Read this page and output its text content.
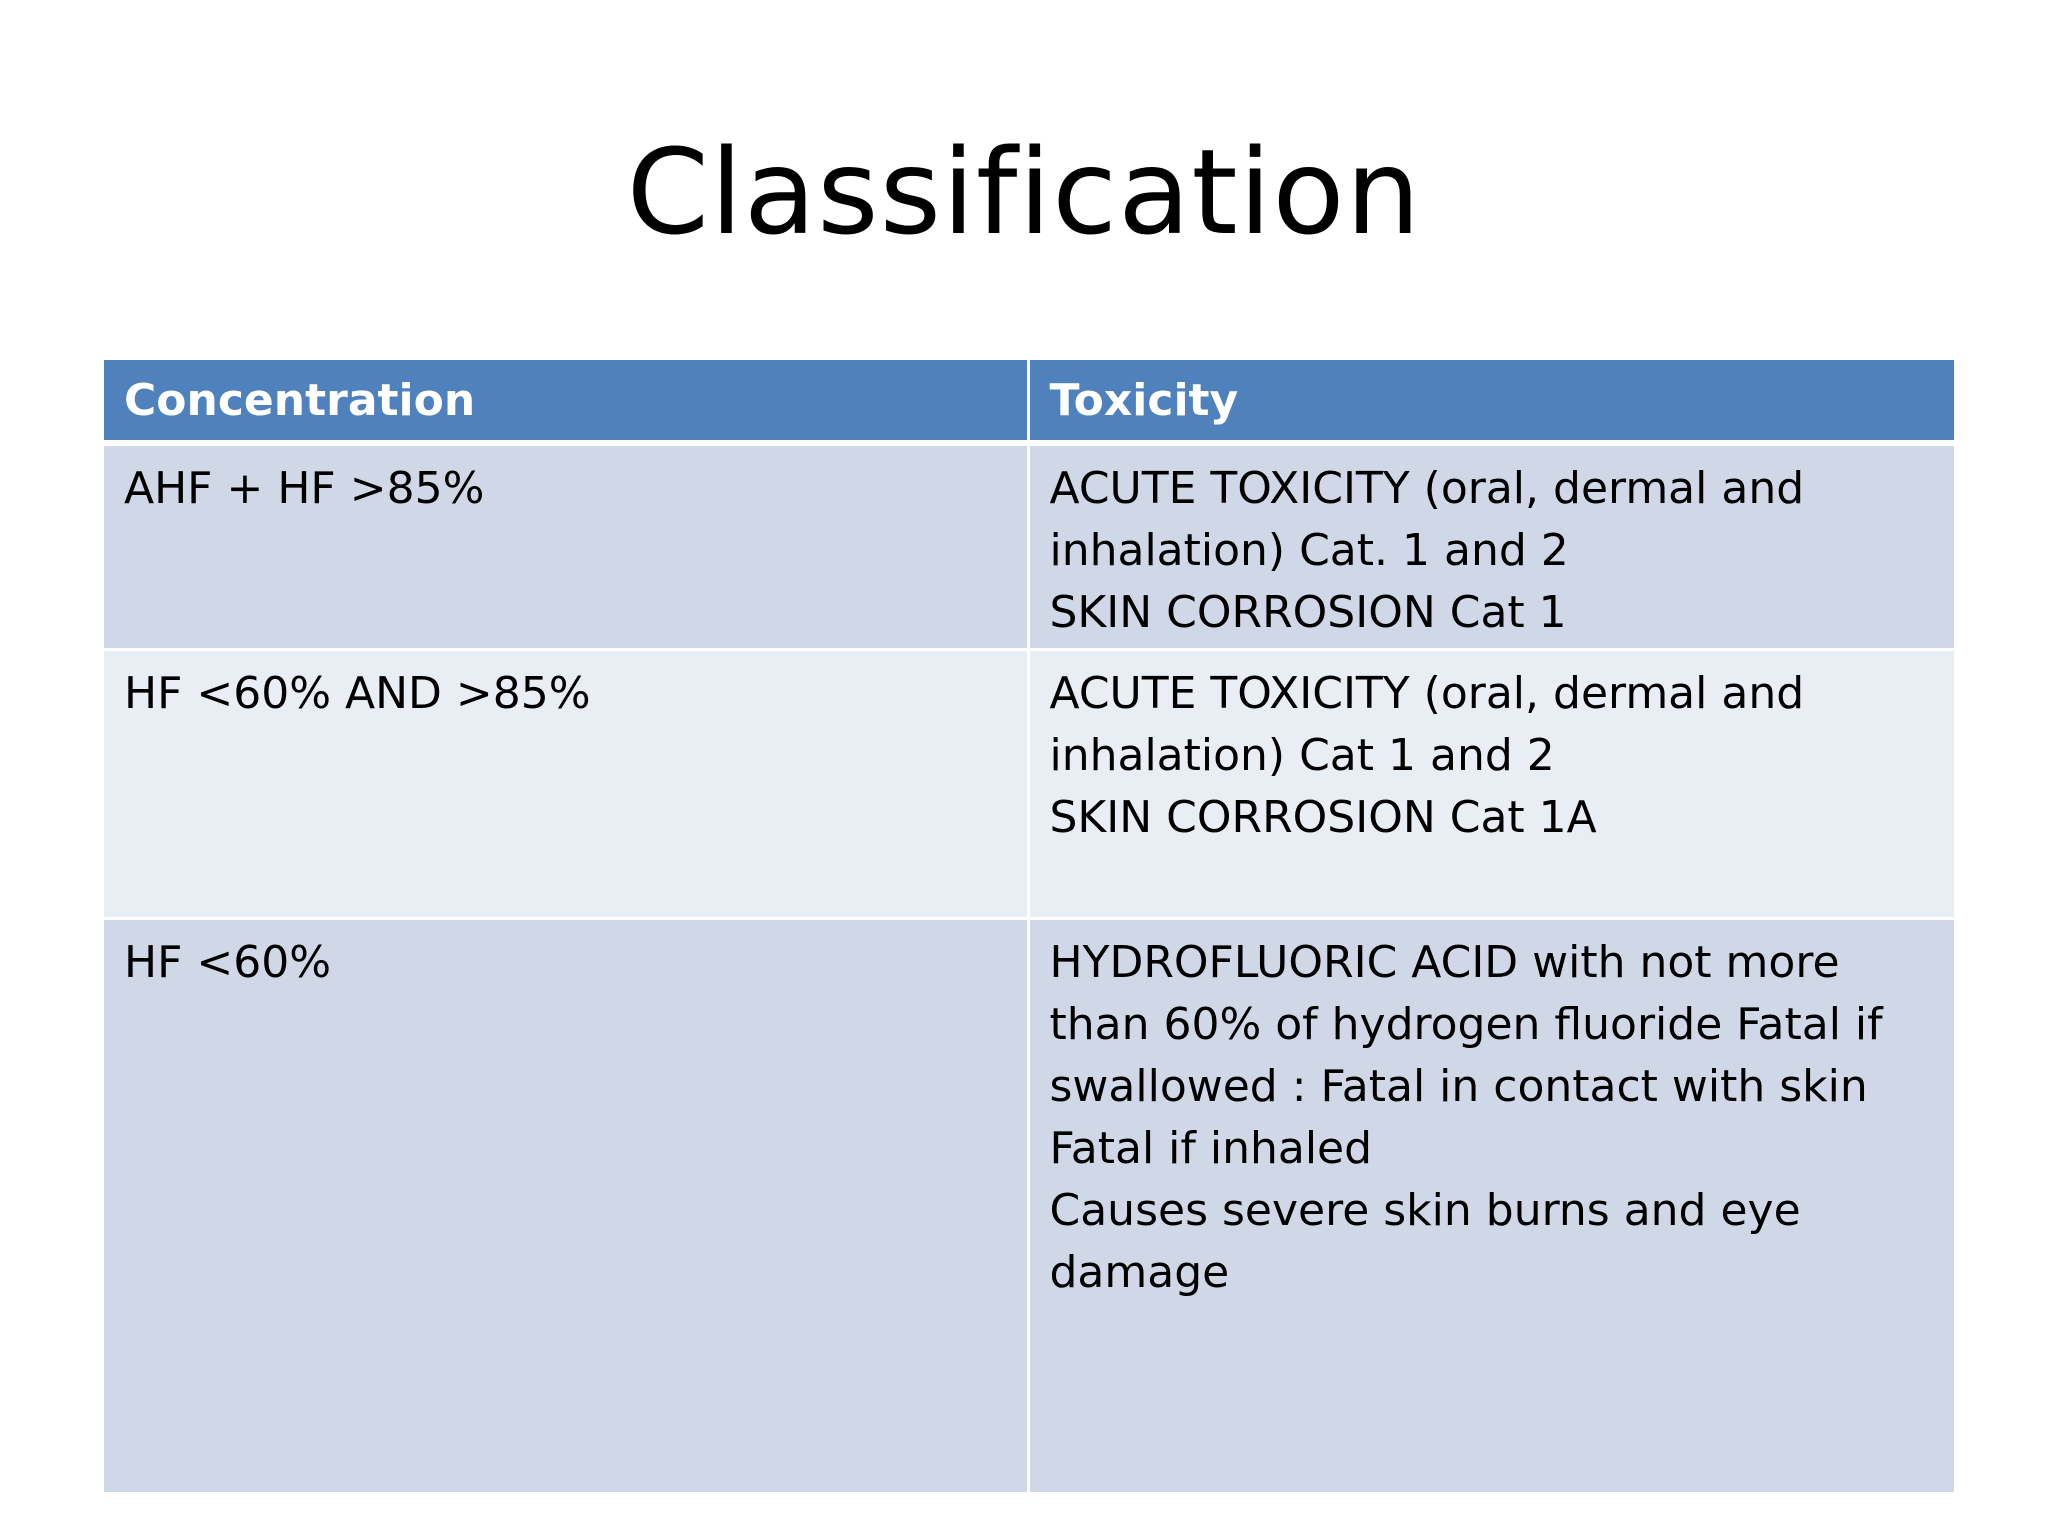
Classification
Concentration	Toxicity
AHF + HF >85%	ACUTE TOXICITY (oral, dermal and inhalation) Cat. 1 and 2
SKIN CORROSION Cat 1
HF <60% AND >85%	ACUTE TOXICITY (oral, dermal and inhalation) Cat 1 and 2
SKIN CORROSION Cat 1A
HF <60%	HYDROFLUORIC ACID with not more than 60% of hydrogen fluoride Fatal if swallowed : Fatal in contact with skin
Fatal if inhaled
Causes severe skin burns and eye damage
